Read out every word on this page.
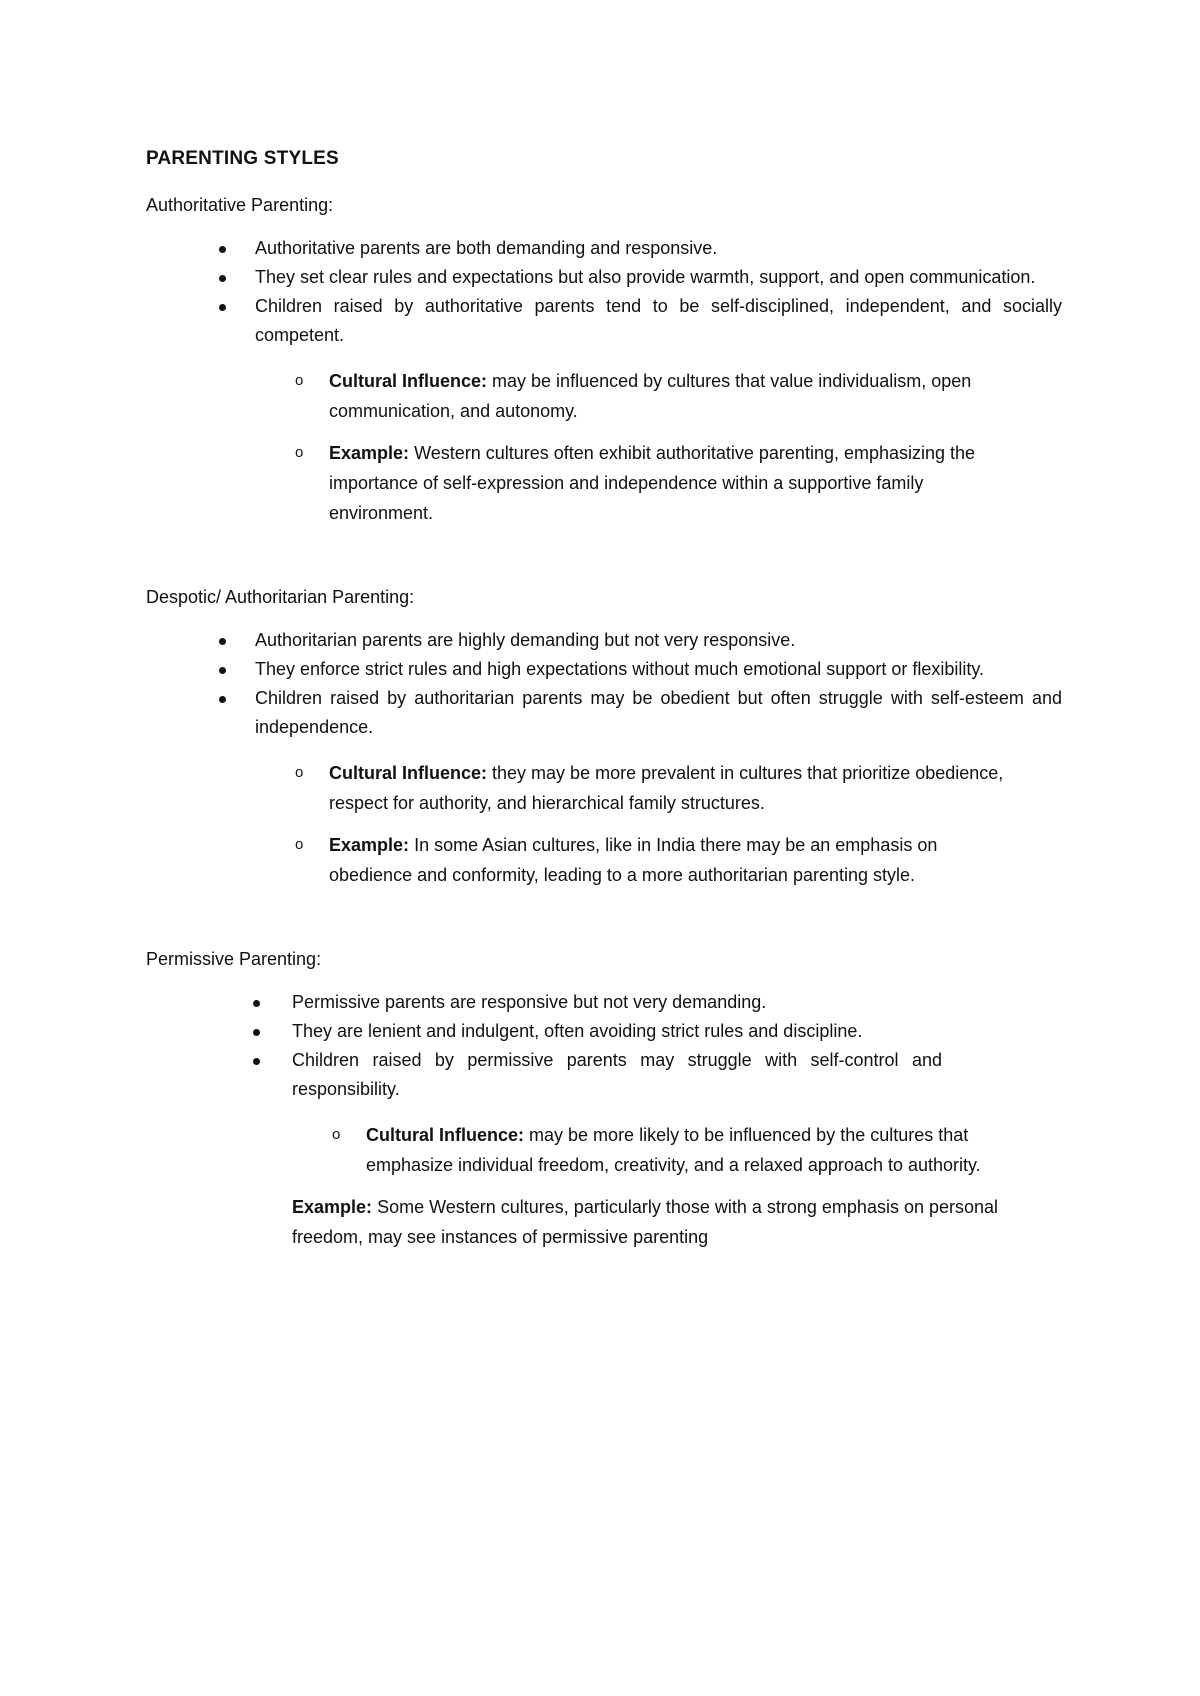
PARENTING STYLES
Authoritative Parenting:
Authoritative parents are both demanding and responsive.
They set clear rules and expectations but also provide warmth, support, and open communication.
Children raised by authoritative parents tend to be self-disciplined, independent, and socially competent.
o Cultural Influence: may be influenced by cultures that value individualism, open communication, and autonomy.
o Example: Western cultures often exhibit authoritative parenting, emphasizing the importance of self-expression and independence within a supportive family environment.
Despotic/ Authoritarian Parenting:
Authoritarian parents are highly demanding but not very responsive.
They enforce strict rules and high expectations without much emotional support or flexibility.
Children raised by authoritarian parents may be obedient but often struggle with self-esteem and independence.
o Cultural Influence: they may be more prevalent in cultures that prioritize obedience, respect for authority, and hierarchical family structures.
o Example: In some Asian cultures, like in India there may be an emphasis on obedience and conformity, leading to a more authoritarian parenting style.
Permissive Parenting:
Permissive parents are responsive but not very demanding.
They are lenient and indulgent, often avoiding strict rules and discipline.
Children raised by permissive parents may struggle with self-control and responsibility.
o Cultural Influence: may be more likely to be influenced by the cultures that emphasize individual freedom, creativity, and a relaxed approach to authority.
Example: Some Western cultures, particularly those with a strong emphasis on personal freedom, may see instances of permissive parenting
